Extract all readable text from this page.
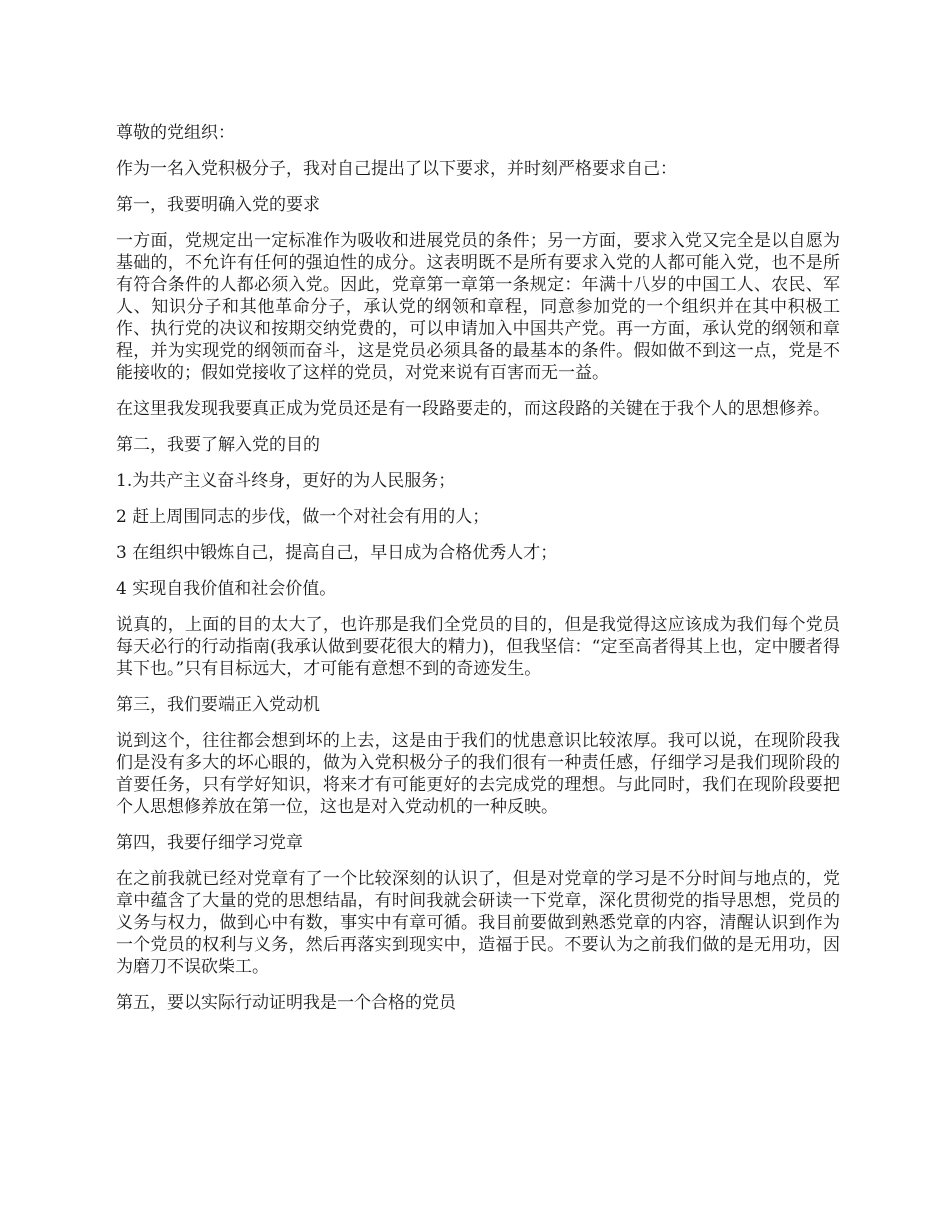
尊敬的党组织：

作为一名入党积极分子，我对自己提出了以下要求，并时刻严格要求自己：

第一，我要明确入党的要求

一方面，党规定出一定标准作为吸收和进展党员的条件；另一方面，要求入党又完全是以自愿为基础的，不允许有任何的强迫性的成分。这表明既不是所有要求入党的人都可能入党，也不是所有符合条件的人都必须入党。因此，党章第一章第一条规定：年满十八岁的中国工人、农民、军人、知识分子和其他革命分子，承认党的纲领和章程，同意参加党的一个组织并在其中积极工作、执行党的决议和按期交纳党费的，可以申请加入中国共产党。再一方面，承认党的纲领和章程，并为实现党的纲领而奋斗，这是党员必须具备的最基本的条件。假如做不到这一点，党是不能接收的；假如党接收了这样的党员，对党来说有百害而无一益。

在这里我发现我要真正成为党员还是有一段路要走的，而这段路的关键在于我个人的思想修养。

第二，我要了解入党的目的

1.为共产主义奋斗终身，更好的为人民服务；

2 赶上周围同志的步伐，做一个对社会有用的人；

3 在组织中锻炼自己，提高自己，早日成为合格优秀人才；

4 实现自我价值和社会价值。

说真的，上面的目的太大了，也许那是我们全党员的目的，但是我觉得这应该成为我们每个党员每天必行的行动指南(我承认做到要花很大的精力)，但我坚信：“定至高者得其上也，定中腰者得其下也。”只有目标远大，才可能有意想不到的奇迹发生。

第三，我们要端正入党动机

说到这个，往往都会想到坏的上去，这是由于我们的忧患意识比较浓厚。我可以说，在现阶段我们是没有多大的坏心眼的，做为入党积极分子的我们很有一种责任感，仔细学习是我们现阶段的首要任务，只有学好知识，将来才有可能更好的去完成党的理想。与此同时，我们在现阶段要把个人思想修养放在第一位，这也是对入党动机的一种反映。

第四，我要仔细学习党章

在之前我就已经对党章有了一个比较深刻的认识了，但是对党章的学习是不分时间与地点的，党章中蕴含了大量的党的思想结晶，有时间我就会研读一下党章，深化贯彻党的指导思想，党员的义务与权力，做到心中有数，事实中有章可循。我目前要做到熟悉党章的内容，清醒认识到作为一个党员的权利与义务，然后再落实到现实中，造福于民。不要认为之前我们做的是无用功，因为磨刀不误砍柴工。

第五，要以实际行动证明我是一个合格的党员
